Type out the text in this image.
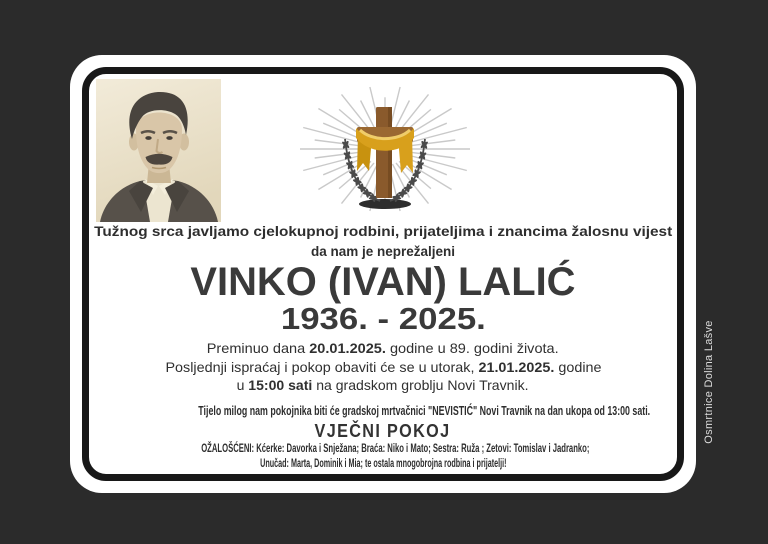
Tužnog srca javljamo cjelokupnoj rodbini, prijateljima i znancima žalosnu vijest
da nam je neprežaljeni
VINKO (IVAN) LALIĆ
1936. - 2025.
Preminuo dana 20.01.2025. godine u 89. godini života.
Posljednji ispraćaj i pokop obaviti će se u utorak, 21.01.2025. godine
u 15:00 sati na gradskom groblju Novi Travnik.
Tijelo milog nam pokojnika biti će gradskoj mrtvačnici "NEVISTIĆ" Novi Travnik na dan ukopa od 13:00 sati.
VJEČNI POKOJ
OŽALOŠĆENI: Kćerke: Davorka i Snježana; Braća: Niko i Mato; Sestra: Ruža ; Zetovi: Tomislav i Jadranko;
Unučad: Marta, Dominik i Mia; te ostala mnogobrojna rodbina i prijatelji!
Osmrtnice Dolina Lašve
